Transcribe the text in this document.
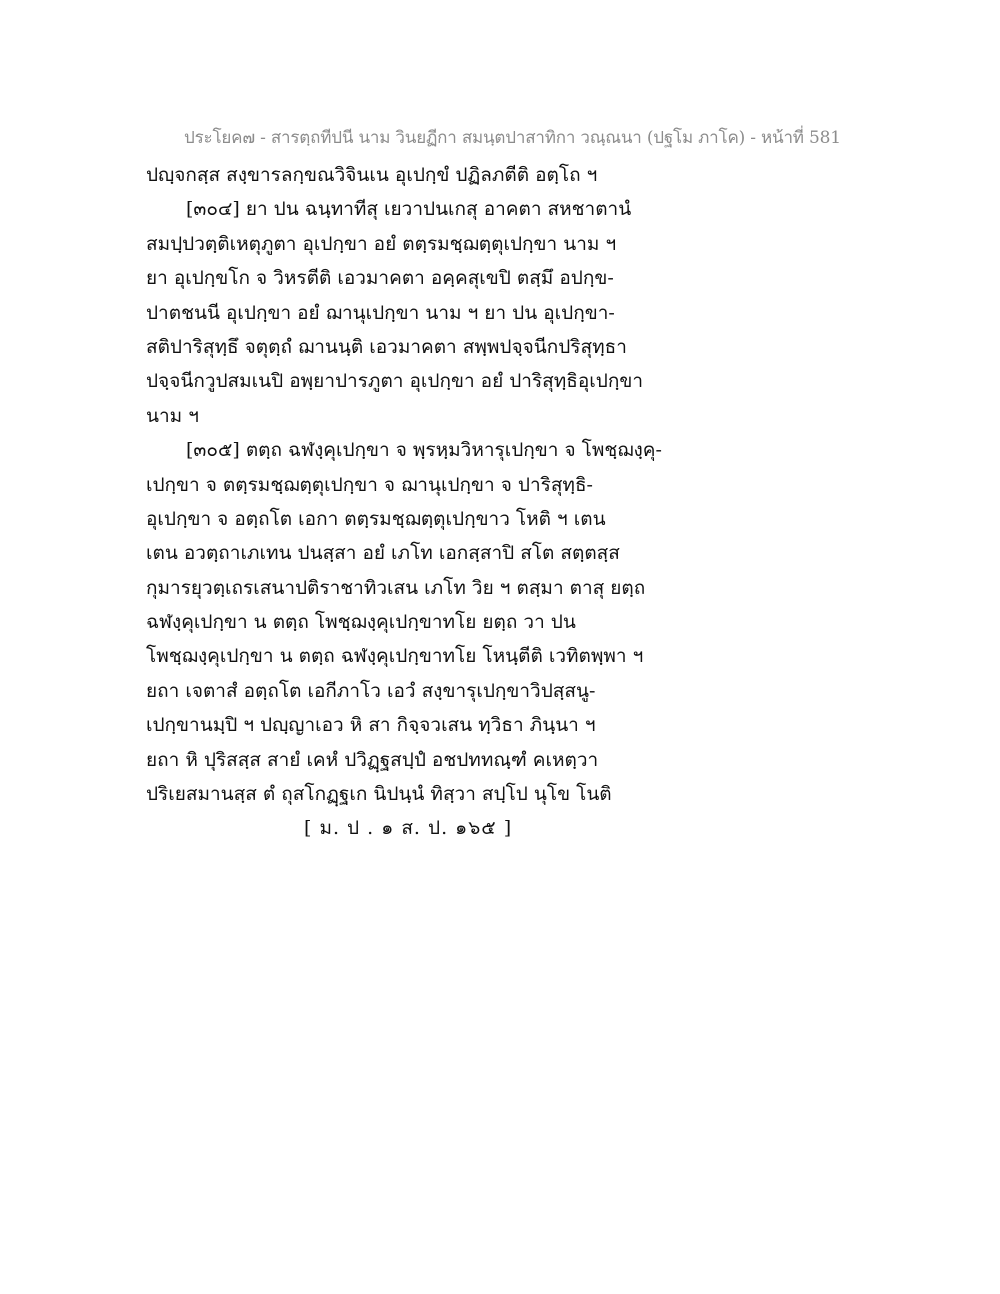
ประโยค๗ - สารตฺถทีปนี นาม วินยฏีกา สมนฺตปาสาทิกา วณฺณนา (ปฐโม ภาโค) - หน้าที่ 581
ปญฺจกสฺส สงฺขารลกฺขณวิจินเน อุเปกฺขํ ปฏิลภตีติ อตฺโถ ฯ
[๓๐๔] ยา ปน ฉนฺทาทีสุ เยวาปนเกสุ อาคตา สหชาตานํ
สมปฺปวตฺติเหตุภูตา อุเปกฺขา อยํ ตตฺรมชฺฌตฺตุเปกฺขา นาม ฯ
ยา อุเปกฺขโก จ วิหรตีติ เอวมาคตา อคฺคสุเขปิ ตสฺมึ อปกฺข-
ปาตชนนี อุเปกฺขา อยํ ฌานุเปกฺขา นาม ฯ ยา ปน อุเปกฺขา-
สติปาริสุทฺธึ จตุตฺถํ ฌานนฺติ เอวมาคตา สพฺพปจฺจนีกปริสุทฺธา
ปจฺจนีกวูปสมเนปิ อพฺยาปารภูตา อุเปกฺขา อยํ ปาริสุทฺธิอุเปกฺขา
นาม ฯ
[๓๐๕] ตตฺถ ฉฬงฺคุเปกฺขา จ พฺรหฺมวิหารุเปกฺขา จ โพชฺฌงฺคุ-
เปกฺขา จ ตตฺรมชฺฌตฺตุเปกฺขา จ ฌานุเปกฺขา จ ปาริสุทฺธิ-
อุเปกฺขา จ อตฺถโต เอกา ตตฺรมชฺฌตฺตุเปกฺขาว โหติ ฯ เตน
เตน อวตฺถาเภเทน ปนสฺสา อยํ เภโท เอกสฺสาปิ สโต สตฺตสฺส
กุมารยุวตฺเถรเสนาปติราชาทิวเสน เภโท วิย ฯ ตสฺมา ตาสุ ยตฺถ
ฉฬงฺคุเปกฺขา น ตตฺถ โพชฺฌงฺคุเปกฺขาทโย ยตฺถ วา ปน
โพชฺฌงฺคุเปกฺขา น ตตฺถ ฉฬงฺคุเปกฺขาทโย โหนฺตีติ เวทิตพฺพา ฯ
ยถา เจตาสํ อตฺถโต เอกีภาโว เอวํ สงฺขารุเปกฺขาวิปสฺสนู-
เปกฺขานมฺปิ ฯ ปญฺญาเอว หิ สา กิจฺจวเสน ทฺวิธา ภินฺนา ฯ
ยถา หิ ปุริสสฺส สายํ เคหํ ปวิฏฺฐสปฺปํ อชปททณฺฑํ คเหตฺวา
ปริเยสมานสฺส ตํ ถุสโกฏฺฐเก นิปนฺนํ ทิสฺวา สปฺโป นุโข โนติ
[ ม. ป . ๑ ส. ป. ๑๖๕ ]
